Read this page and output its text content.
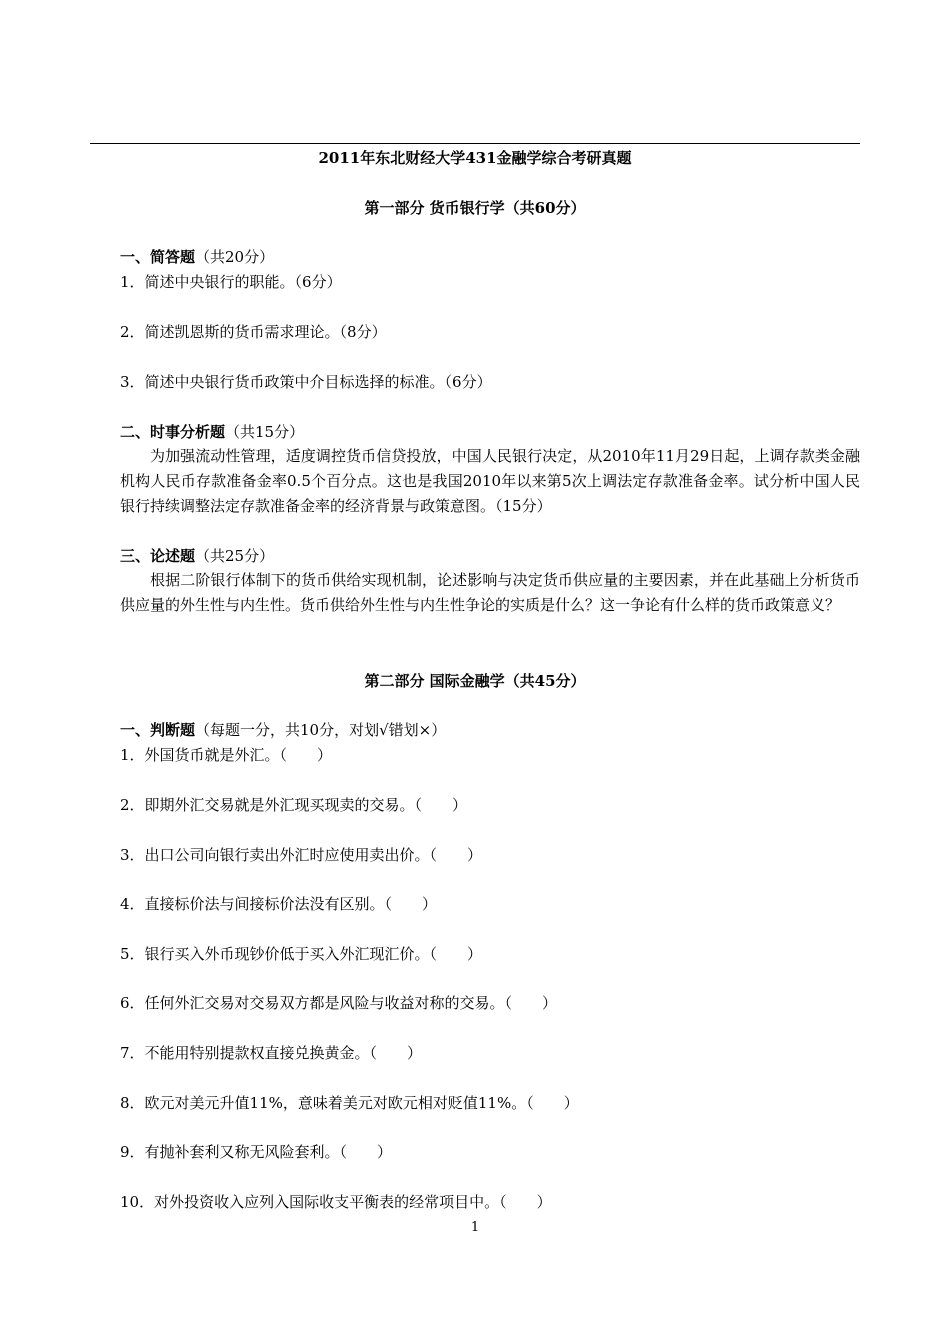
2011年东北财经大学431金融学综合考研真题
第一部分 货币银行学（共60分）
一、简答题（共20分）
1．简述中央银行的职能。（6分）
2．简述凯恩斯的货币需求理论。（8分）
3．简述中央银行货币政策中介目标选择的标准。（6分）
二、时事分析题（共15分）
为加强流动性管理，适度调控货币信贷投放，中国人民银行决定，从2010年11月29日起，上调存款类金融机构人民币存款准备金率0.5个百分点。这也是我国2010年以来第5次上调法定存款准备金率。试分析中国人民银行持续调整法定存款准备金率的经济背景与政策意图。（15分）
三、论述题（共25分）
根据二阶银行体制下的货币供给实现机制，论述影响与决定货币供应量的主要因素，并在此基础上分析货币供应量的外生性与内生性。货币供给外生性与内生性争论的实质是什么？这一争论有什么样的货币政策意义？
第二部分 国际金融学（共45分）
一、判断题（每题一分，共10分，对划√错划×）
1．外国货币就是外汇。（　　）
2．即期外汇交易就是外汇现买现卖的交易。（　　）
3．出口公司向银行卖出外汇时应使用卖出价。（　　）
4．直接标价法与间接标价法没有区别。（　　）
5．银行买入外币现钞价低于买入外汇现汇价。（　　）
6．任何外汇交易对交易双方都是风险与收益对称的交易。（　　）
7．不能用特别提款权直接兑换黄金。（　　）
8．欧元对美元升值11%，意味着美元对欧元相对贬值11%。（　　）
9．有抛补套利又称无风险套利。（　　）
10．对外投资收入应列入国际收支平衡表的经常项目中。（　　）
1
